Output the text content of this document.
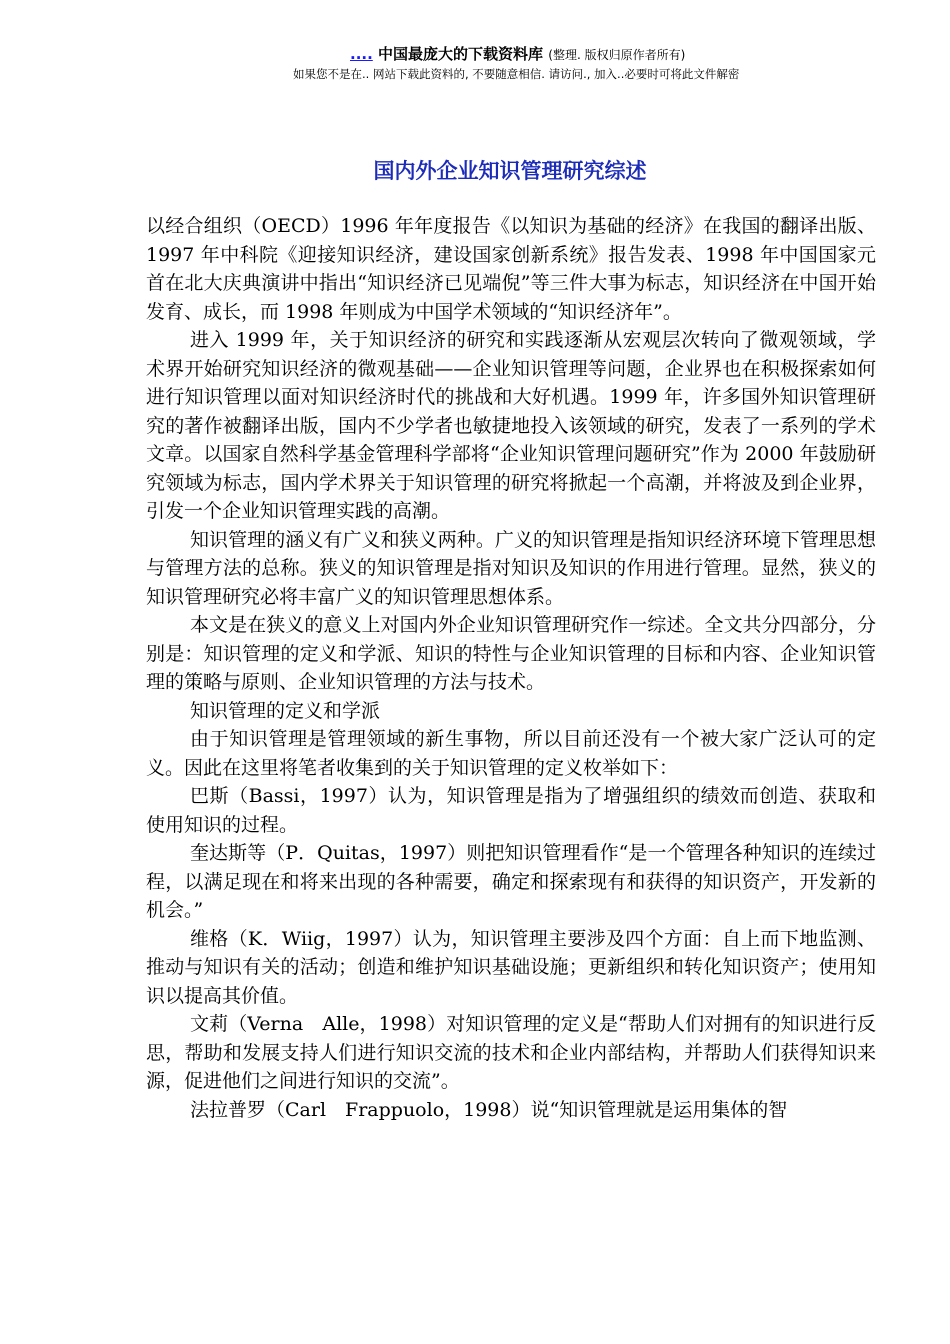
.... 中国最庞大的下载资料库 (整理. 版权归原作者所有)
如果您不是在.. 网站下载此资料的, 不要随意相信. 请访问., 加入..必要时可将此文件解密
国内外企业知识管理研究综述

以经合组织（OECD）1996 年年度报告《以知识为基础的经济》在我国的翻译出版、1997 年中科院《迎接知识经济，建设国家创新系统》报告发表、1998 年中国国家元首在北大庆典演讲中指出“知识经济已见端倪”等三件大事为标志，知识经济在中国开始发育、成长，而 1998 年则成为中国学术领域的“知识经济年”。

进入 1999 年，关于知识经济的研究和实践逐渐从宏观层次转向了微观领域，学术界开始研究知识经济的微观基础——企业知识管理等问题，企业界也在积极探索如何进行知识管理以面对知识经济时代的挑战和大好机遇。1999 年，许多国外知识管理研究的著作被翻译出版，国内不少学者也敏捷地投入该领域的研究，发表了一系列的学术文章。以国家自然科学基金管理科学部将“企业知识管理问题研究”作为 2000 年鼓励研究领域为标志，国内学术界关于知识管理的研究将掀起一个高潮，并将波及到企业界，引发一个企业知识管理实践的高潮。

知识管理的涵义有广义和狭义两种。广义的知识管理是指知识经济环境下管理思想与管理方法的总称。狭义的知识管理是指对知识及知识的作用进行管理。显然，狭义的知识管理研究必将丰富广义的知识管理思想体系。

本文是在狭义的意义上对国内外企业知识管理研究作一综述。全文共分四部分，分别是：知识管理的定义和学派、知识的特性与企业知识管理的目标和内容、企业知识管理的策略与原则、企业知识管理的方法与技术。

知识管理的定义和学派

由于知识管理是管理领域的新生事物，所以目前还没有一个被大家广泛认可的定义。因此在这里将笔者收集到的关于知识管理的定义枚举如下：

巴斯（Bassi，1997）认为，知识管理是指为了增强组织的绩效而创造、获取和使用知识的过程。

奎达斯等（P．Quitas，1997）则把知识管理看作“是一个管理各种知识的连续过程，以满足现在和将来出现的各种需要，确定和探索现有和获得的知识资产，开发新的机会。”

维格（K．Wiig，1997）认为，知识管理主要涉及四个方面：自上而下地监测、推动与知识有关的活动；创造和维护知识基础设施；更新组织和转化知识资产；使用知识以提高其价值。

文莉（Verna　Alle，1998）对知识管理的定义是“帮助人们对拥有的知识进行反思，帮助和发展支持人们进行知识交流的技术和企业内部结构，并帮助人们获得知识来源，促进他们之间进行知识的交流”。

法拉普罗（Carl　Frappuolo，1998）说“知识管理就是运用集体的智
